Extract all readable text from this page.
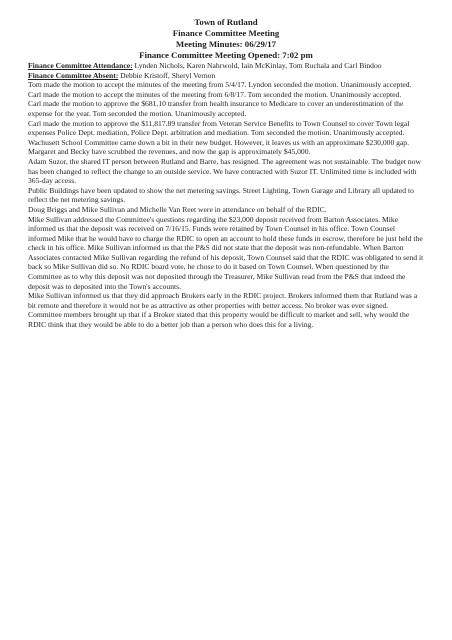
Town of Rutland
Finance Committee Meeting
Meeting Minutes: 06/29/17
Finance Committee Meeting Opened: 7:02 pm

Finance Committee Attendance: Lynden Nichols, Karen Nahrwold, Iain McKinlay, Tom Ruchala and Carl Bindoo

Finance Committee Absent: Debbie Kristoff, Sheryl Vernon

Tom made the motion to accept the minutes of the meeting from 5/4/17. Lyndon seconded the motion. Unanimously accepted.

Carl made the motion to accept the minutes of the meeting from 6/8/17. Tom seconded the motion. Unanimously accepted.

Carl made the motion to approve the $681.10 transfer from health insurance to Medicare to cover an underestimation of the expense for the year. Tom seconded the motion. Unanimously accepted.

Carl made the motion to approve the $11,817.89 transfer from Veteran Service Benefits to Town Counsel to cover Town legal expenses Police Dept. mediation, Police Dept. arbitration and mediation. Tom seconded the motion. Unanimously accepted.

Wachusett School Committee came down a bit in their new budget. However, it leaves us with an approximate $230,000 gap. Margaret and Becky have scrubbed the revenues, and now the gap is approximately $45,000.

Adam Suzor, the shared IT person between Rutland and Barre, has resigned. The agreement was not sustainable. The budget now has been changed to reflect the change to an outside service. We have contracted with Suzor IT. Unlimited time is included with 365-day access.

Public Buildings have been updated to show the net metering savings. Street Lighting, Town Garage and Library all updated to reflect the net metering savings.

Doug Briggs and Mike Sullivan and Michelle Van Reet were in attendance on behalf of the RDIC.

Mike Sullivan addressed the Committee's questions regarding the $23,000 deposit received from Barton Associates. Mike informed us that the deposit was received on 7/16/15. Funds were retained by Town Counsel in his office. Town Counsel informed Mike that he would have to charge the RDIC to open an account to hold these funds in escrow, therefore he just held the check in his office. Mike Sullivan informed us that the P&S did not state that the deposit was non-refundable. When Barton Associates contacted Mike Sullivan regarding the refund of his deposit, Town Counsel said that the RDIC was obligated to send it back so Mike Sullivan did so. No RDIC board vote, he chose to do it based on Town Counsel. When questioned by the Committee as to why this deposit was not deposited through the Treasurer, Mike Sullivan read from the P&S that indeed the deposit was to deposited into the Town's accounts.

Mike Sullivan informed us that they did approach Brokers early in the RDIC project. Brokers informed them that Rutland was a bit remote and therefore it would not be as attractive as other properties with better access. No broker was ever signed.

Committee members brought up that if a Broker stated that this property would be difficult to market and sell, why would the RDIC think that they would be able to do a better job than a person who does this for a living.
